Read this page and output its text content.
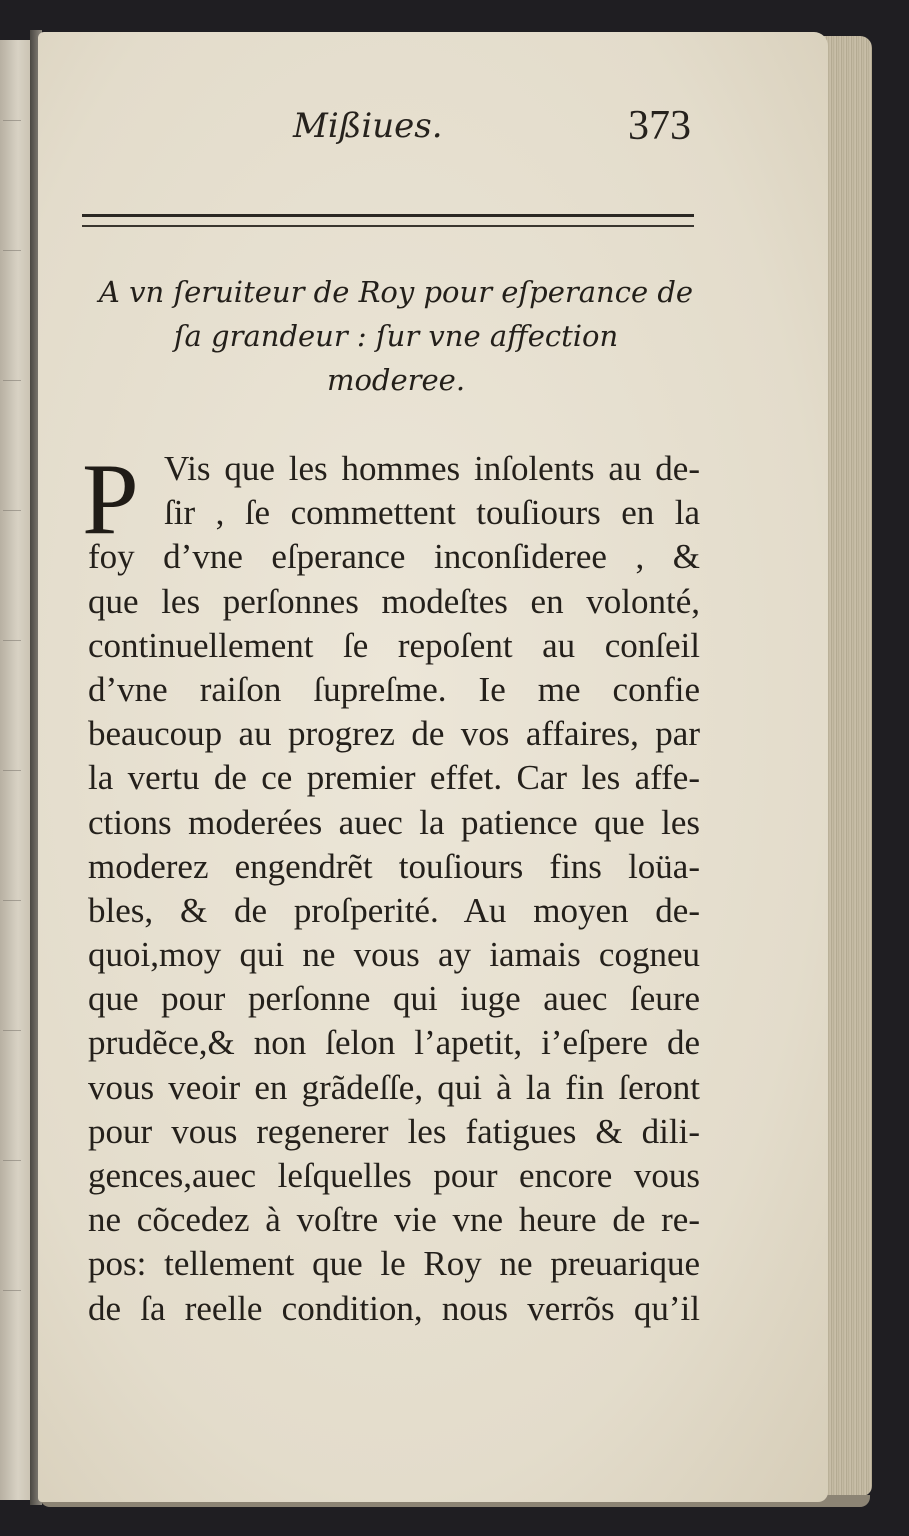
Mißiues.	373
A vn ſeruiteur de Roy pour eſperance de
ſa grandeur : ſur vne affection
moderee.
P Vis que les hommes inſolents au de-
ſir , ſe commettent touſiours en la
foy d’vne eſperance inconſideree , &
que les perſonnes modeſtes en volonté,
continuellement ſe repoſent au conſeil
d’vne raiſon ſupreſme. Ie me confie
beaucoup au progrez de vos affaires, par
la vertu de ce premier effet. Car les affe-
ctions moderées auec la patience que les
moderez engendrẽt touſiours fins loüa-
bles, & de proſperité. Au moyen de-
quoi,moy qui ne vous ay iamais cogneu
que pour perſonne qui iuge auec ſeure
prudẽce,& non ſelon l’apetit, i’eſpere de
vous veoir en grãdeſſe, qui à la fin ſeront
pour vous regenerer les fatigues & dili-
gences,auec leſquelles pour encore vous
ne cõcedez à voſtre vie vne heure de re-
pos: tellement que le Roy ne preuarique
de ſa reelle condition, nous verrõs qu’il
